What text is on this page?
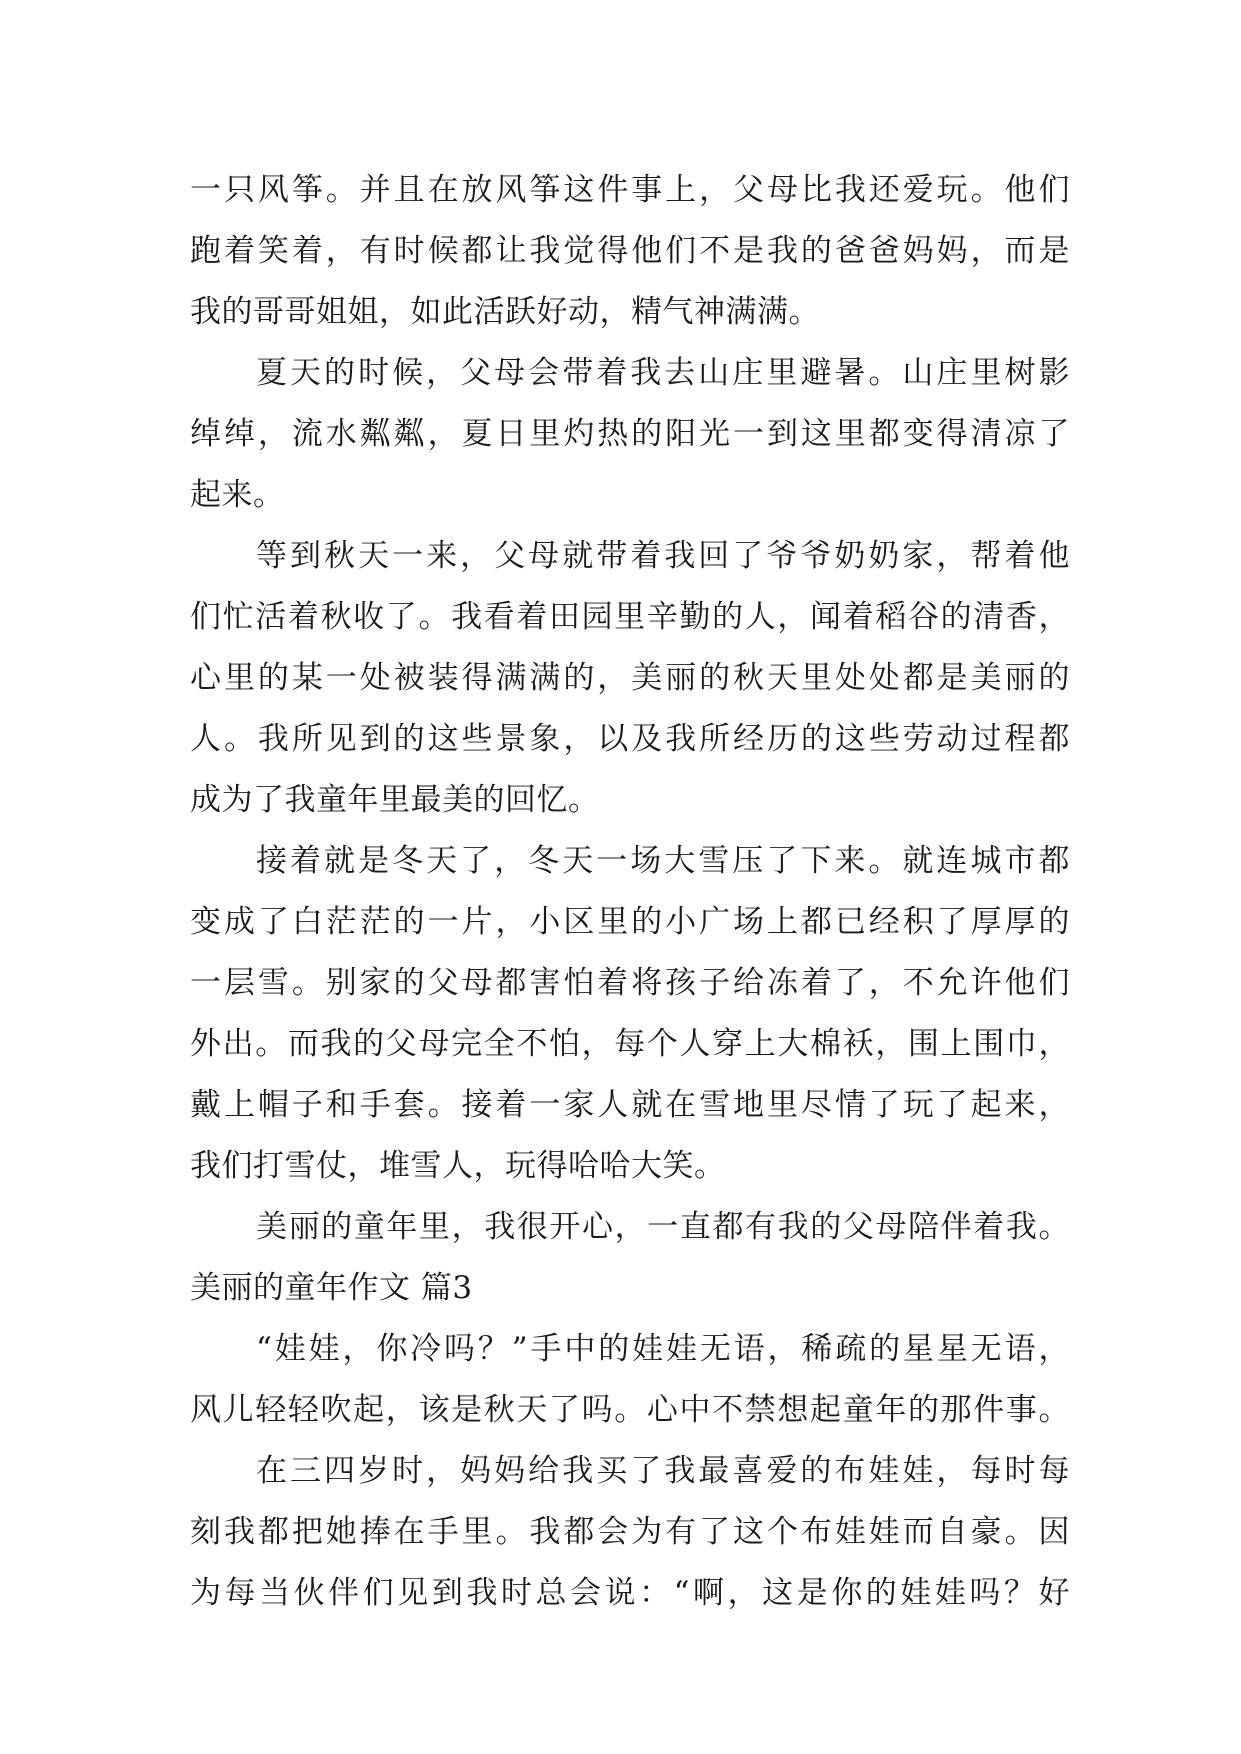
一只风筝。并且在放风筝这件事上，父母比我还爱玩。他们
跑着笑着，有时候都让我觉得他们不是我的爸爸妈妈，而是
我的哥哥姐姐，如此活跃好动，精气神满满。
夏天的时候，父母会带着我去山庄里避暑。山庄里树影
绰绰，流水粼粼，夏日里灼热的阳光一到这里都变得清凉了
起来。
等到秋天一来，父母就带着我回了爷爷奶奶家，帮着他
们忙活着秋收了。我看着田园里辛勤的人，闻着稻谷的清香，
心里的某一处被装得满满的，美丽的秋天里处处都是美丽的
人。我所见到的这些景象，以及我所经历的这些劳动过程都
成为了我童年里最美的回忆。
接着就是冬天了，冬天一场大雪压了下来。就连城市都
变成了白茫茫的一片，小区里的小广场上都已经积了厚厚的
一层雪。别家的父母都害怕着将孩子给冻着了，不允许他们
外出。而我的父母完全不怕，每个人穿上大棉袄，围上围巾，
戴上帽子和手套。接着一家人就在雪地里尽情了玩了起来，
我们打雪仗，堆雪人，玩得哈哈大笑。
美丽的童年里，我很开心，一直都有我的父母陪伴着我。
美丽的童年作文 篇3
“娃娃，你冷吗？”手中的娃娃无语，稀疏的星星无语，
风儿轻轻吹起，该是秋天了吗。心中不禁想起童年的那件事。
在三四岁时，妈妈给我买了我最喜爱的布娃娃，每时每
刻我都把她捧在手里。我都会为有了这个布娃娃而自豪。因
为每当伙伴们见到我时总会说：“啊，这是你的娃娃吗？好
